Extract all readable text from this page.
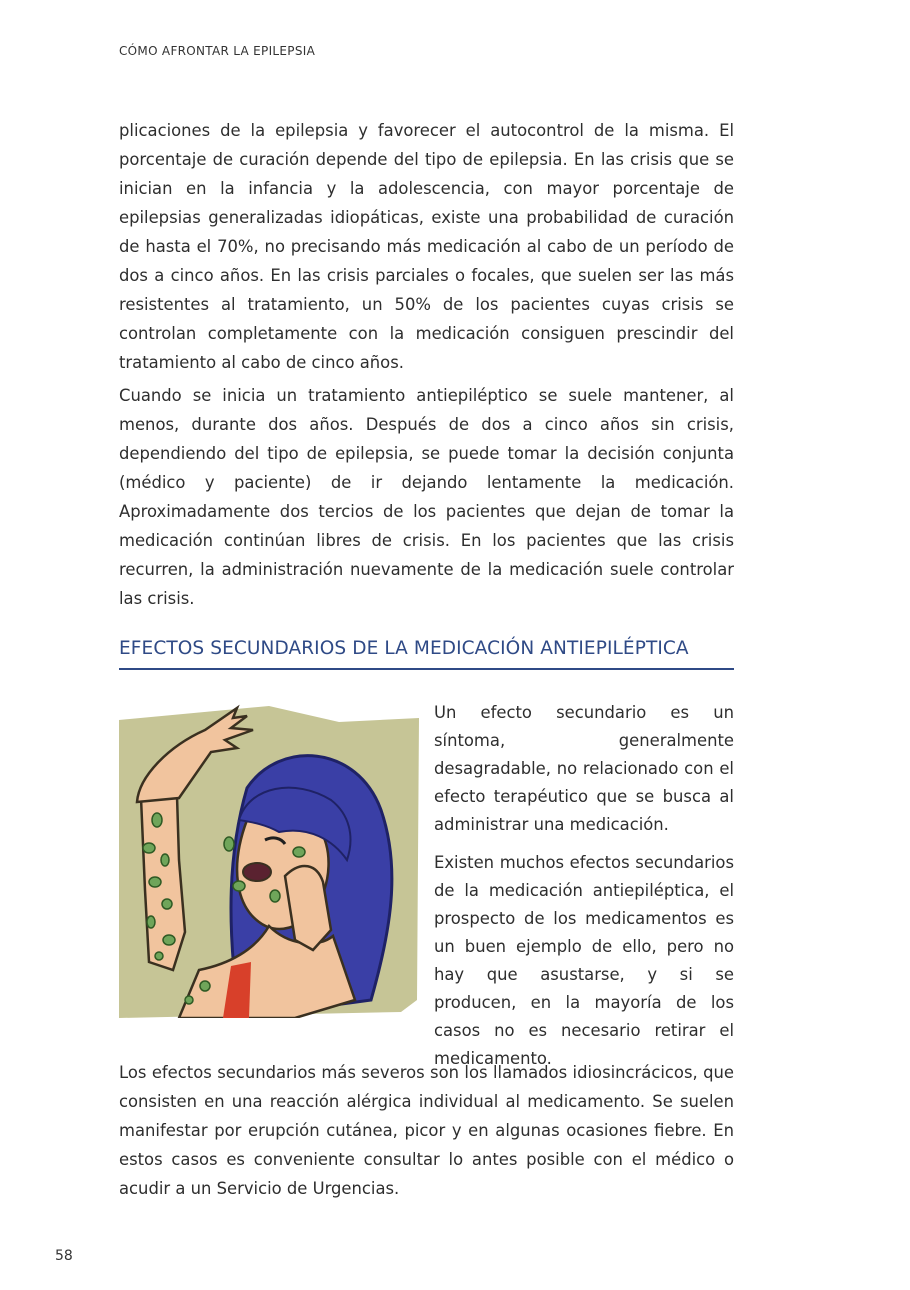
CÓMO AFRONTAR LA EPILEPSIA

plicaciones de la epilepsia y favorecer el autocontrol de la misma. El porcentaje de curación depende del tipo de epilepsia. En las crisis que se inician en la infancia y la adolescencia, con mayor porcentaje de epilepsias generalizadas idiopáticas, existe una probabilidad de curación de hasta el 70%, no precisando más medicación al cabo de un período de dos a cinco años. En las crisis parciales o focales, que suelen ser las más resistentes al tratamiento, un 50% de los pacientes cuyas crisis se controlan completamente con la medicación consiguen prescindir del tratamiento al cabo de cinco años.

Cuando se inicia un tratamiento antiepiléptico se suele mantener, al menos, durante dos años. Después de dos a cinco años sin crisis, dependiendo del tipo de epilepsia, se puede tomar la decisión conjunta (médico y paciente) de ir dejando lentamente la medicación. Aproximadamente dos tercios de los pacientes que dejan de tomar la medicación continúan libres de crisis. En los pacientes que las crisis recurren, la administración nuevamente de la medicación suele controlar las crisis.

EFECTOS SECUNDARIOS DE LA MEDICACIÓN ANTIEPILÉPTICA

Un efecto secundario es un síntoma, generalmente desagradable, no relacionado con el efecto terapéutico que se busca al administrar una medicación.

Existen muchos efectos secundarios de la medicación antiepiléptica, el prospecto de los medicamentos es un buen ejemplo de ello, pero no hay que asustarse, y si se producen, en la mayoría de los casos no es necesario retirar el medicamento.

Los efectos secundarios más severos son los llamados idiosincrácicos, que consisten en una reacción alérgica individual al medicamento. Se suelen manifestar por erupción cutánea, picor y en algunas ocasiones fiebre. En estos casos es conveniente consultar lo antes posible con el médico o acudir a un Servicio de Urgencias.

58
